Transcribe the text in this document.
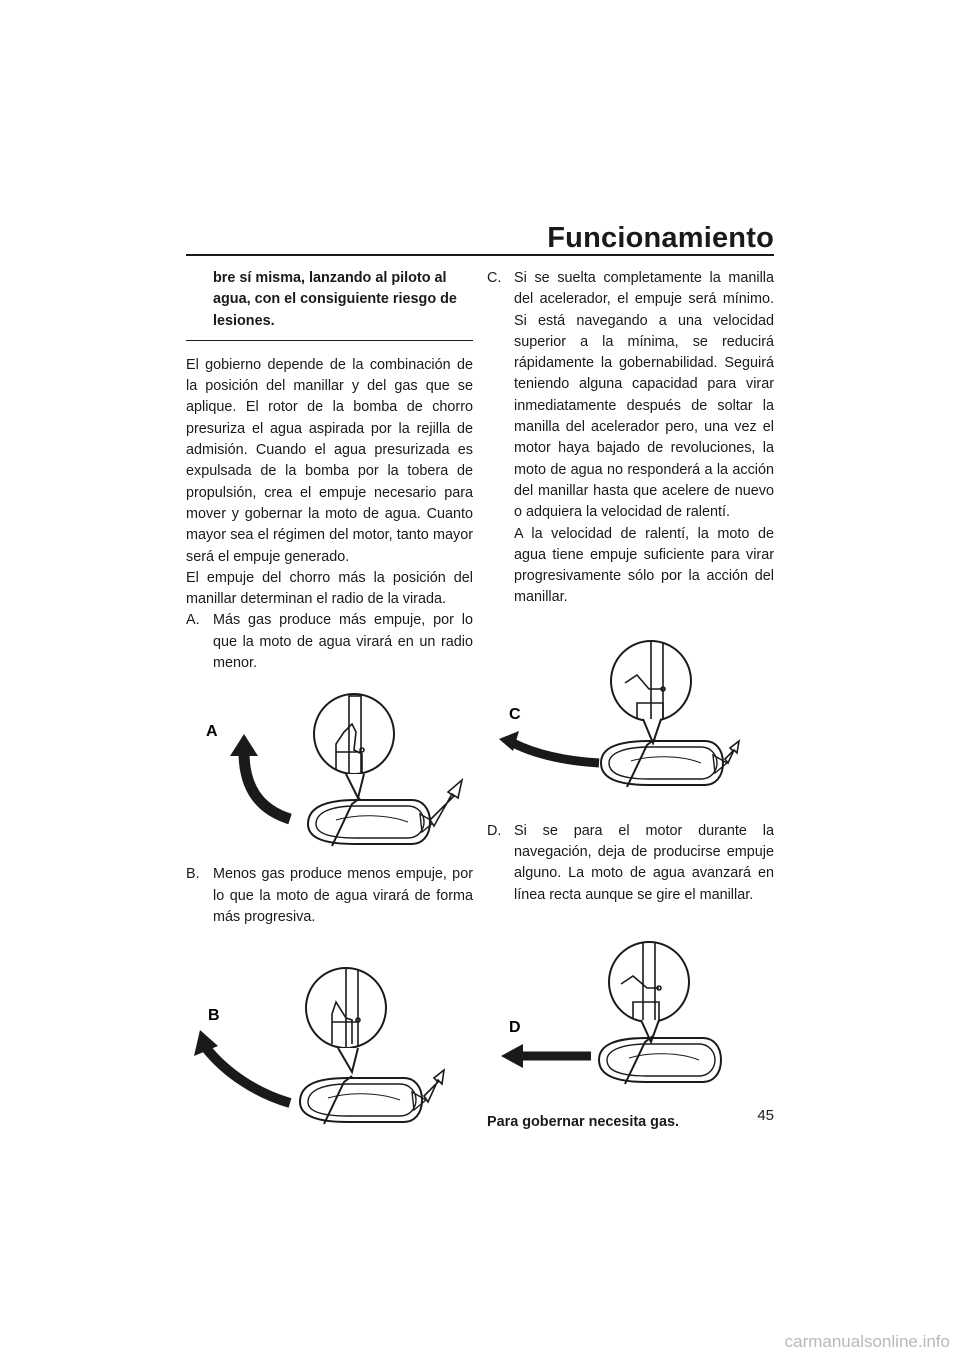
Funcionamiento

bre sí misma, lanzando al piloto al agua, con el consiguiente riesgo de lesiones.

El gobierno depende de la combinación de la posición del manillar y del gas que se aplique. El rotor de la bomba de chorro presuriza el agua aspirada por la rejilla de admisión. Cuando el agua presurizada es expulsada de la bomba por la tobera de propulsión, crea el empuje necesario para mover y gobernar la moto de agua. Cuanto mayor sea el régimen del motor, tanto mayor será el empuje generado.

El empuje del chorro más la posición del manillar determinan el radio de la virada.

A. Más gas produce más empuje, por lo que la moto de agua virará en un radio menor.
A
B. Menos gas produce menos empuje, por lo que la moto de agua virará de forma más progresiva.
B
C. Si se suelta completamente la manilla del acelerador, el empuje será mínimo. Si está navegando a una velocidad superior a la mínima, se reducirá rápidamente la gobernabilidad. Seguirá teniendo alguna capacidad para virar inmediatamente después de soltar la manilla del acelerador pero, una vez el motor haya bajado de revoluciones, la moto de agua no responderá a la acción del manillar hasta que acelere de nuevo o adquiera la velocidad de ralentí.

A la velocidad de ralentí, la moto de agua tiene empuje suficiente para virar progresivamente sólo por la acción del manillar.

C
D. Si se para el motor durante la navegación, deja de producirse empuje alguno. La moto de agua avanzará en línea recta aunque se gire el manillar.
D

Para gobernar necesita gas.	45

carmanualsonline.info
